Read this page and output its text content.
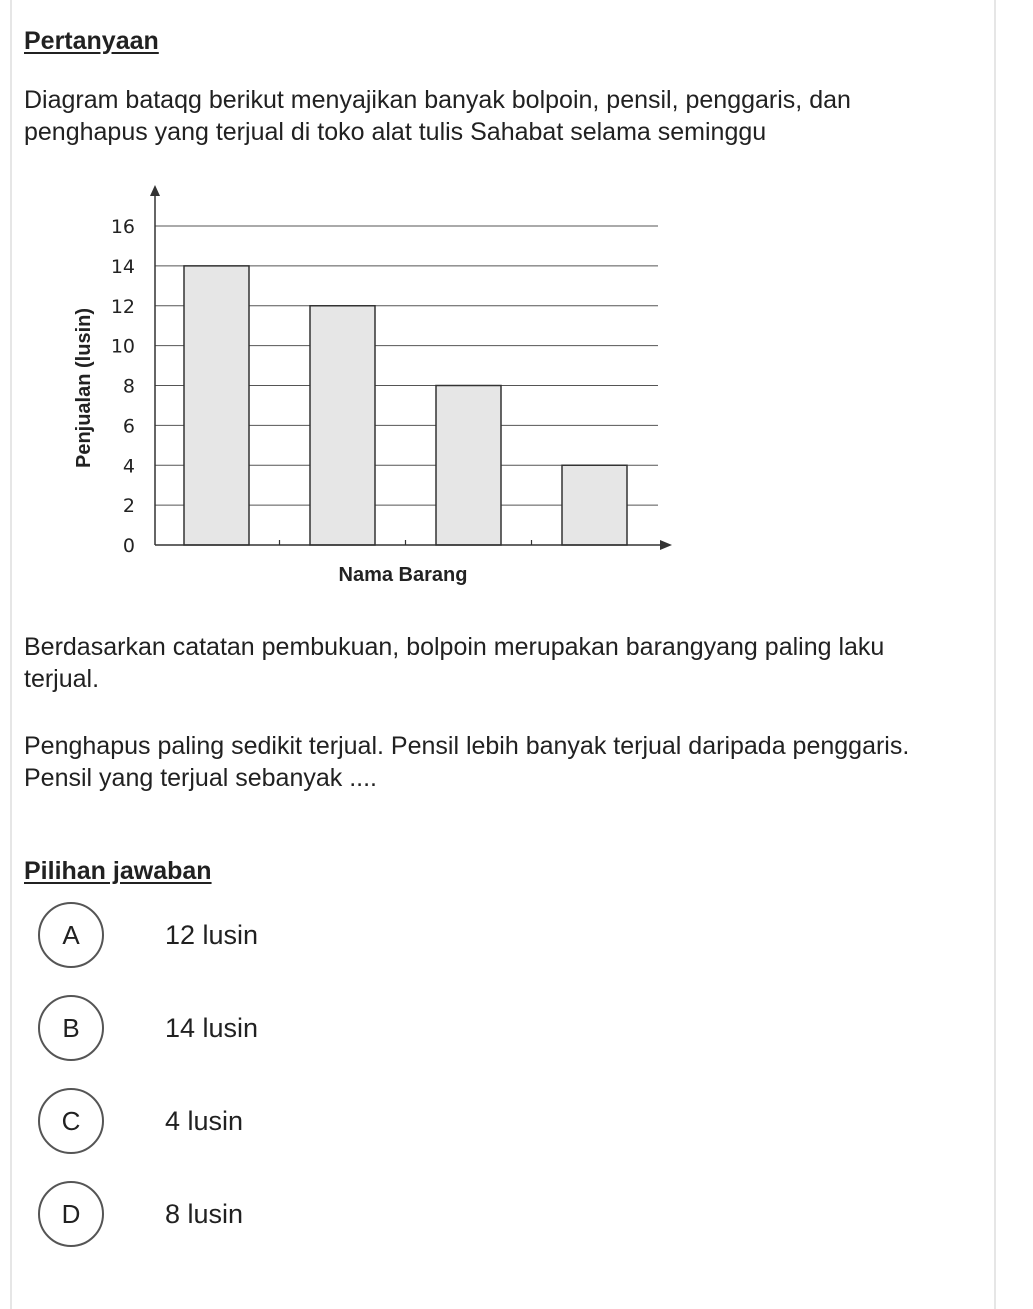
Pertanyaan

Diagram bataqg berikut menyajikan banyak bolpoin, pensil, penggaris, dan penghapus yang terjual di toko alat tulis Sahabat selama seminggu

0
2
4
6
8
10
12
14
16
Nama Barang
Penjualan (lusin)

Berdasarkan catatan pembukuan, bolpoin merupakan barangyang paling laku terjual.

Penghapus paling sedikit terjual. Pensil lebih banyak terjual daripada penggaris. Pensil yang terjual sebanyak ....

Pilihan jawaban
A	12 lusin
B	14 lusin
C	4 lusin
D	8 lusin
